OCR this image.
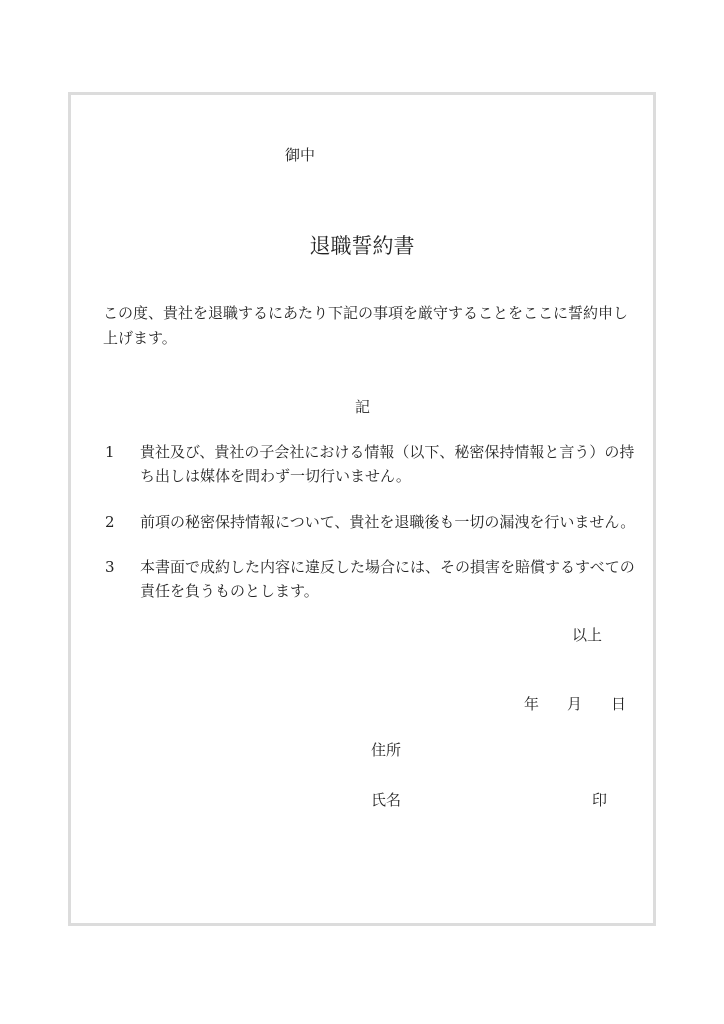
御中
退職誓約書
この度、貴社を退職するにあたり下記の事項を厳守することをここに誓約申し
上げます。
記
1 貴社及び、貴社の子会社における情報（以下、秘密保持情報と言う）の持
ち出しは媒体を問わず一切行いません。
2 前項の秘密保持情報について、貴社を退職後も一切の漏洩を行いません。
3 本書面で成約した内容に違反した場合には、その損害を賠償するすべての
責任を負うものとします。
以上
年 月 日
住所
氏名	印
